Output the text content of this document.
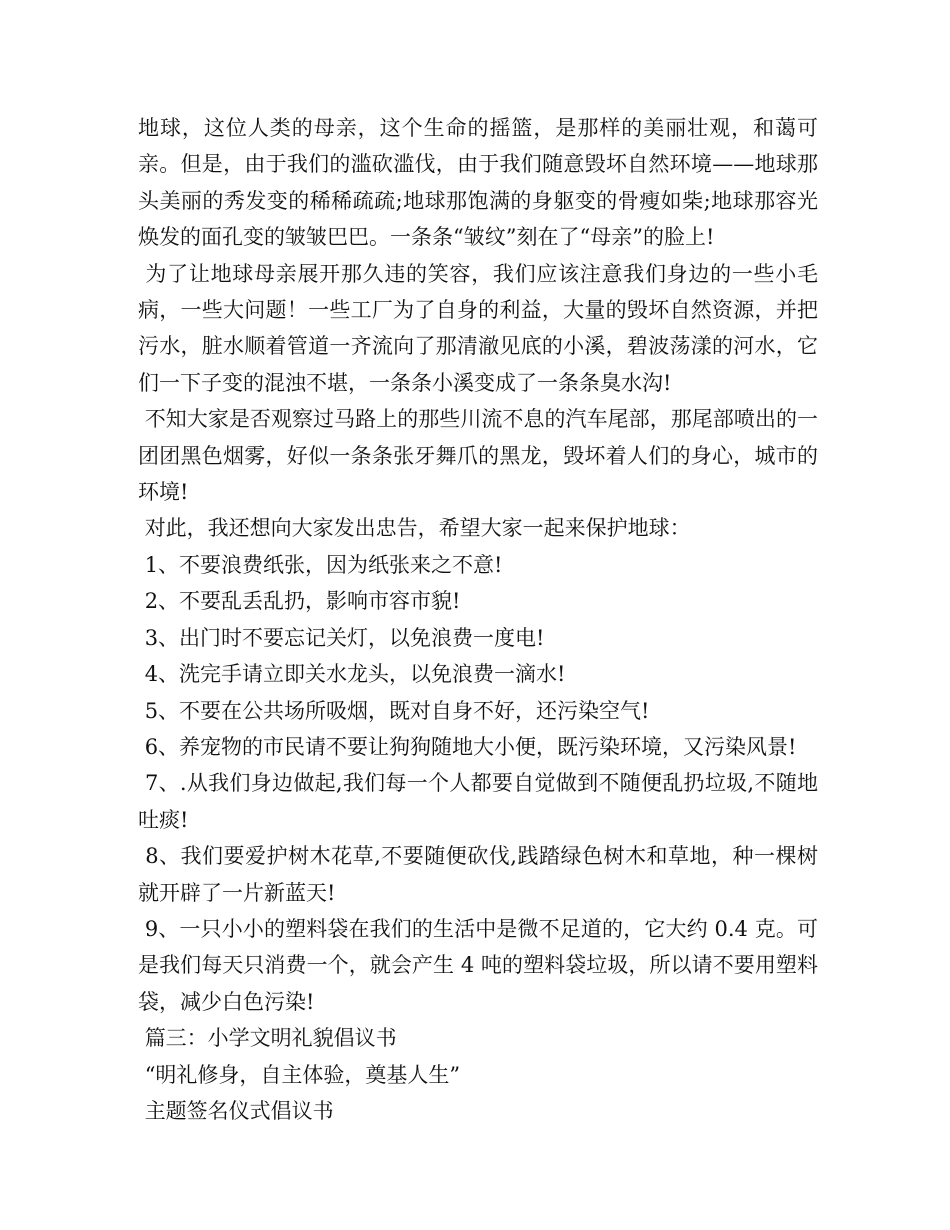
地球，这位人类的母亲，这个生命的摇篮，是那样的美丽壮观，和蔼可亲。但是，由于我们的滥砍滥伐，由于我们随意毁坏自然环境——地球那头美丽的秀发变的稀稀疏疏;地球那饱满的身躯变的骨瘦如柴;地球那容光焕发的面孔变的皱皱巴巴。一条条“皱纹”刻在了“母亲”的脸上!

为了让地球母亲展开那久违的笑容，我们应该注意我们身边的一些小毛病，一些大问题！一些工厂为了自身的利益，大量的毁坏自然资源，并把污水，脏水顺着管道一齐流向了那清澈见底的小溪，碧波荡漾的河水，它们一下子变的混浊不堪，一条条小溪变成了一条条臭水沟!

不知大家是否观察过马路上的那些川流不息的汽车尾部，那尾部喷出的一团团黑色烟雾，好似一条条张牙舞爪的黑龙，毁坏着人们的身心，城市的环境!

对此，我还想向大家发出忠告，希望大家一起来保护地球：

1、不要浪费纸张，因为纸张来之不意!

2、不要乱丢乱扔，影响市容市貌!

3、出门时不要忘记关灯，以免浪费一度电!

4、洗完手请立即关水龙头，以免浪费一滴水!

5、不要在公共场所吸烟，既对自身不好，还污染空气!

6、养宠物的市民请不要让狗狗随地大小便，既污染环境，又污染风景!

7、.从我们身边做起,我们每一个人都要自觉做到不随便乱扔垃圾,不随地吐痰!

8、我们要爱护树木花草,不要随便砍伐,践踏绿色树木和草地，种一棵树就开辟了一片新蓝天!

9、一只小小的塑料袋在我们的生活中是微不足道的，它大约 0.4 克。可是我们每天只消费一个，就会产生 4 吨的塑料袋垃圾，所以请不要用塑料袋，减少白色污染!

篇三：小学文明礼貌倡议书

“明礼修身，自主体验，奠基人生”

主题签名仪式倡议书
